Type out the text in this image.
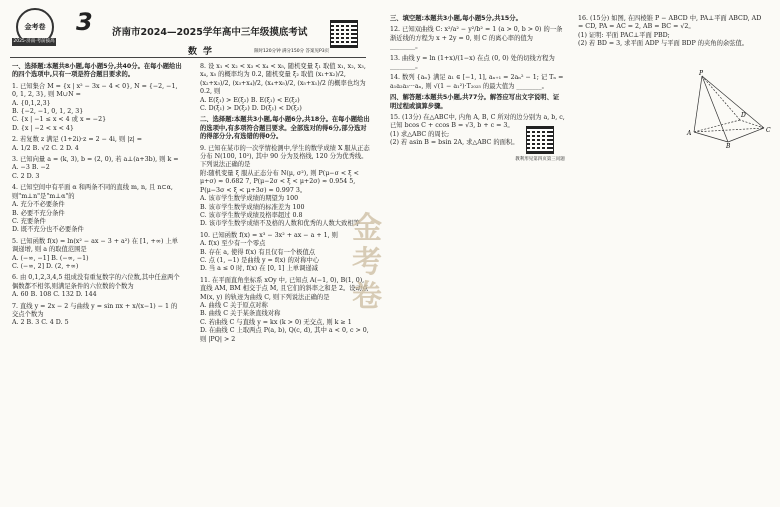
金考卷
2025·济南·考前拔高
3 济南市2024—2025学年高中三年级摸底考试
数学	限时120分钟 满分150分 答案见P3页

一、选择题:本题共8小题,每小题5分,共40分。在每小题给出的四个选项中,只有一项是符合题目要求的。

1. 已知集合 M = {x | x² − 3x − 4 < 0}, N = {−2, −1, 0, 1, 2, 3}, 则 M∪N =

A. {0,1,2,3}

B. {−2, −1, 0, 1, 2, 3}

C. {x | −1 ≤ x < 4 或 x = −2}

D. {x | −2 < x < 4}

2. 若复数 z 满足 (1+2i)·z = 2 − 4i, 则 |z| =

A. 1/2 B. √2 C. 2 D. 4

3. 已知向量 a = (k, 3), b = (2, 0), 若 a⊥(a+3b), 则 k =

A. −3 B. −2

C. 2 D. 3

4. 已知空间中有平面 α 和两条不同的直线 m, n, 且 n⊂α, 则"m⊥n"是"m⊥α"的

A. 充分不必要条件

B. 必要不充分条件

C. 充要条件

D. 既不充分也不必要条件

5. 已知函数 f(x) = ln(x² − ax − 3 + a²) 在 [1, +∞) 上单调递增, 则 a 的取值范围是

A. (−∞, −1] B. (−∞, −1)

C. (−∞, 2] D. (2, +∞)

6. 由 0,1,2,3,4,5 组成没有重复数字的六位数,其中任意两个偶数都不相邻,则满足条件的六位数的个数为

A. 60 B. 108 C. 132 D. 144

7. 直线 y = 2x − 2 与曲线 y = sin πx + x/(x−1) − 1 的交点个数为

A. 2 B. 3 C. 4 D. 5

8. 设 x₁ < x₂ < x₃ < x₄ < x₅, 随机变量 ξ₁ 取值 x₁, x₂, x₃, x₄, x₅ 的概率均为 0.2, 随机变量 ξ₂ 取值 (x₁+x₂)/2, (x₂+x₃)/2, (x₃+x₄)/2, (x₄+x₅)/2, (x₅+x₁)/2 的概率也均为 0.2, 则

A. E(ξ₁) > E(ξ₂) B. E(ξ₁) < E(ξ₂)

C. D(ξ₁) > D(ξ₂) D. D(ξ₁) < D(ξ₂)

二、选择题:本题共3小题,每小题6分,共18分。在每小题给出的选项中,有多项符合题目要求。全部选对的得6分,部分选对的得部分分,有选错的得0分。

9. 已知在某市的一次学情检测中,学生的数学成绩 X 服从正态分布 N(100, 10²), 其中 90 分为及格线, 120 分为优秀线。下列说法正确的是

附:随机变量 ξ 服从正态分布 N(μ, σ²), 则 P(μ−σ < ξ < μ+σ) ≈ 0.682 7, P(μ−2σ < ξ < μ+2σ) ≈ 0.954 5, P(μ−3σ < ξ < μ+3σ) ≈ 0.997 3。

A. 该市学生数学成绩的期望为 100

B. 该市学生数学成绩的标准差为 100

C. 该市学生数学成绩及格率超过 0.8

D. 该市学生数学成绩不及格的人数和优秀的人数大致相等

10. 已知函数 f(x) = x³ − 3x² + ax − a + 1, 则

A. f(x) 至少有一个零点

B. 存在 a, 使得 f(x) 有且仅有一个极值点

C. 点 (1, −1) 是曲线 y = f(x) 的对称中心

D. 当 a ≤ 0 时, f(x) 在 [0, 1] 上单调递减

11. 在平面直角坐标系 xOy 中, 已知点 A(−1, 0), B(1, 0), 直线 AM, BM 相交于点 M, 且它们的斜率之和是 2。设动点 M(x, y) 的轨迹为曲线 C, 则下列说法正确的是

A. 曲线 C 关于原点对称

B. 曲线 C 关于某条直线对称

C. 若曲线 C 与直线 y = kx (k > 0) 无交点, 则 k ≥ 1

D. 在曲线 C 上取两点 P(a, b), Q(c, d), 其中 a < 0, c > 0, 则 |PQ| > 2

三、填空题:本题共3小题,每小题5分,共15分。

12. 已知双曲线 C: x²/a² − y²/b² = 1 (a > 0, b > 0) 的一条渐近线的方程为 x + 2y = 0, 则 C 的离心率的值为 ________。

13. 曲线 y = ln (1+x)/(1−x) 在点 (0, 0) 处的切线方程为 ________。

14. 数列 {aₙ} 满足 a₁ ∈ [−1, 1], aₙ₊₁ = 2aₙ² − 1; 记 Tₙ = a₁a₂a₃···aₙ, 则 √(1 − a₁²)·T₂₀₂₅ 的最大值为 ________。

四、解答题:本题共5小题,共77分。解答应写出文字说明、证明过程或演算步骤。

15. (13分) 在△ABC中, 内角 A, B, C 所对的边分别为 a, b, c, 已知 bcos C + ccos B = √3, b + c = 3。

(1) 求△ABC 的周长;

(2) 若 asin B = bsin 2A, 求△ABC 的面积。

16. (15分) 如图, 在四棱锥 P − ABCD 中, PA⊥平面 ABCD, AD = CD, PA = AC = 2, AB = BC = √2。

(1) 证明: 平面 PAC⊥平面 PBD;

(2) 若 BD = 3, 求平面 ADP 与平面 BDP 的夹角的余弦值。

教利形见第四页第三问题
金
考
卷
P
A
B
C
D
